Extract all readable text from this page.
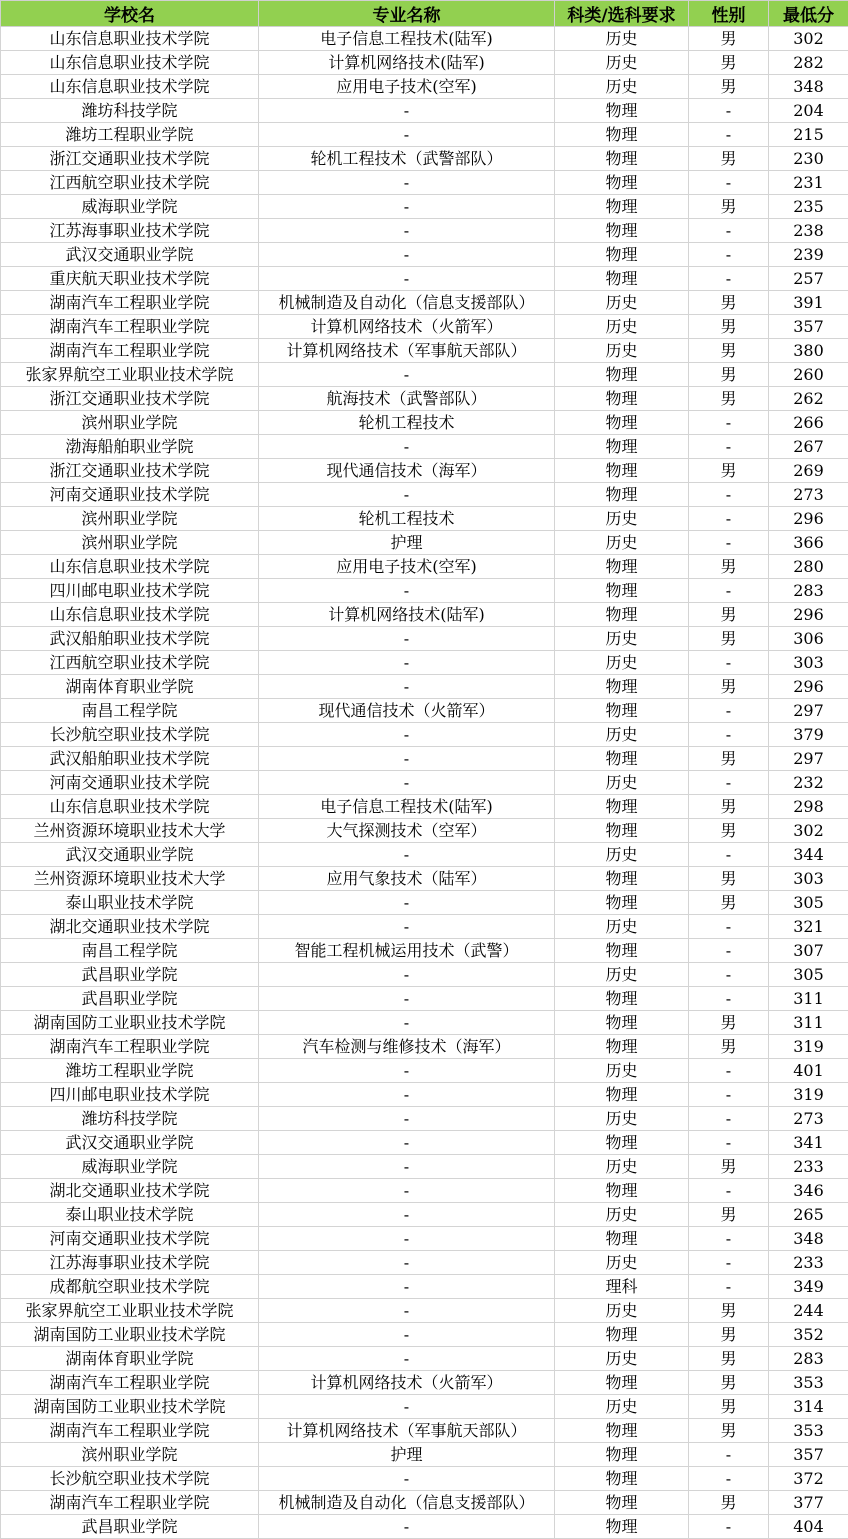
学校名	专业名称	科类/选科要求	性别	最低分
山东信息职业技术学院	电子信息工程技术(陆军)	历史	男	302
山东信息职业技术学院	计算机网络技术(陆军)	历史	男	282
山东信息职业技术学院	应用电子技术(空军)	历史	男	348
潍坊科技学院	-	物理	-	204
潍坊工程职业学院	-	物理	-	215
浙江交通职业技术学院	轮机工程技术（武警部队）	物理	男	230
江西航空职业技术学院	-	物理	-	231
威海职业学院	-	物理	男	235
江苏海事职业技术学院	-	物理	-	238
武汉交通职业学院	-	物理	-	239
重庆航天职业技术学院	-	物理	-	257
湖南汽车工程职业学院	机械制造及自动化（信息支援部队）	历史	男	391
湖南汽车工程职业学院	计算机网络技术（火箭军）	历史	男	357
湖南汽车工程职业学院	计算机网络技术（军事航天部队）	历史	男	380
张家界航空工业职业技术学院	-	物理	男	260
浙江交通职业技术学院	航海技术（武警部队）	物理	男	262
滨州职业学院	轮机工程技术	物理	-	266
渤海船舶职业学院	-	物理	-	267
浙江交通职业技术学院	现代通信技术（海军）	物理	男	269
河南交通职业技术学院	-	物理	-	273
滨州职业学院	轮机工程技术	历史	-	296
滨州职业学院	护理	历史	-	366
山东信息职业技术学院	应用电子技术(空军)	物理	男	280
四川邮电职业技术学院	-	物理	-	283
山东信息职业技术学院	计算机网络技术(陆军)	物理	男	296
武汉船舶职业技术学院	-	历史	男	306
江西航空职业技术学院	-	历史	-	303
湖南体育职业学院	-	物理	男	296
南昌工程学院	现代通信技术（火箭军）	物理	-	297
长沙航空职业技术学院	-	历史	-	379
武汉船舶职业技术学院	-	物理	男	297
河南交通职业技术学院	-	历史	-	232
山东信息职业技术学院	电子信息工程技术(陆军)	物理	男	298
兰州资源环境职业技术大学	大气探测技术（空军）	物理	男	302
武汉交通职业学院	-	历史	-	344
兰州资源环境职业技术大学	应用气象技术（陆军）	物理	男	303
泰山职业技术学院	-	物理	男	305
湖北交通职业技术学院	-	历史	-	321
南昌工程学院	智能工程机械运用技术（武警）	物理	-	307
武昌职业学院	-	历史	-	305
武昌职业学院	-	物理	-	311
湖南国防工业职业技术学院	-	物理	男	311
湖南汽车工程职业学院	汽车检测与维修技术（海军）	物理	男	319
潍坊工程职业学院	-	历史	-	401
四川邮电职业技术学院	-	物理	-	319
潍坊科技学院	-	历史	-	273
武汉交通职业学院	-	物理	-	341
威海职业学院	-	历史	男	233
湖北交通职业技术学院	-	物理	-	346
泰山职业技术学院	-	历史	男	265
河南交通职业技术学院	-	物理	-	348
江苏海事职业技术学院	-	历史	-	233
成都航空职业技术学院	-	理科	-	349
张家界航空工业职业技术学院	-	历史	男	244
湖南国防工业职业技术学院	-	物理	男	352
湖南体育职业学院	-	历史	男	283
湖南汽车工程职业学院	计算机网络技术（火箭军）	物理	男	353
湖南国防工业职业技术学院	-	历史	男	314
湖南汽车工程职业学院	计算机网络技术（军事航天部队）	物理	男	353
滨州职业学院	护理	物理	-	357
长沙航空职业技术学院	-	物理	-	372
湖南汽车工程职业学院	机械制造及自动化（信息支援部队）	物理	男	377
武昌职业学院	-	物理	-	404
